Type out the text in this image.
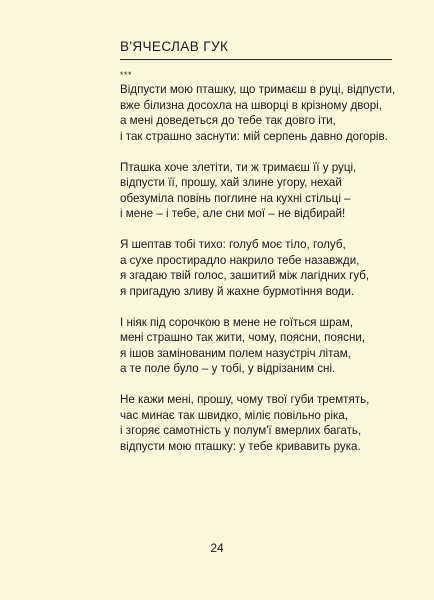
В'ЯЧЕСЛАВ ГУК
***
Відпусти мою пташку, що тримаєш в руці, відпусти,
вже білизна досохла на шворці в крізному дворі,
а мені доведеться до тебе так довго іти,
і так страшно заснути: мій серпень давно догорів.
Пташка хоче злетіти, ти ж тримаєш її у руці,
відпусти її, прошу, хай злине угору, нехай
обезуміла повінь поглине на кухні стільці –
і мене – і тебе, але сни мої – не відбирай!
Я шептав тобі тихо: голуб моє тіло, голуб,
а сухе простирадло накрило тебе назавжди,
я згадаю твій голос, зашитий між лагідних губ,
я пригадую зливу й жахне бурмотіння води.
І ніяк під сорочкою в мене не гоїться шрам,
мені страшно так жити, чому, поясни, поясни,
я ішов замінованим полем назустріч літам,
а те поле було – у тобі, у відрізаним сні.
Не кажи мені, прошу, чому твої губи тремтять,
час минає так швидко, міліє повільно ріка,
і згоряє самотність у полум'ї вмерлих багать,
відпусти мою пташку: у тебе кривавить рука.
24
